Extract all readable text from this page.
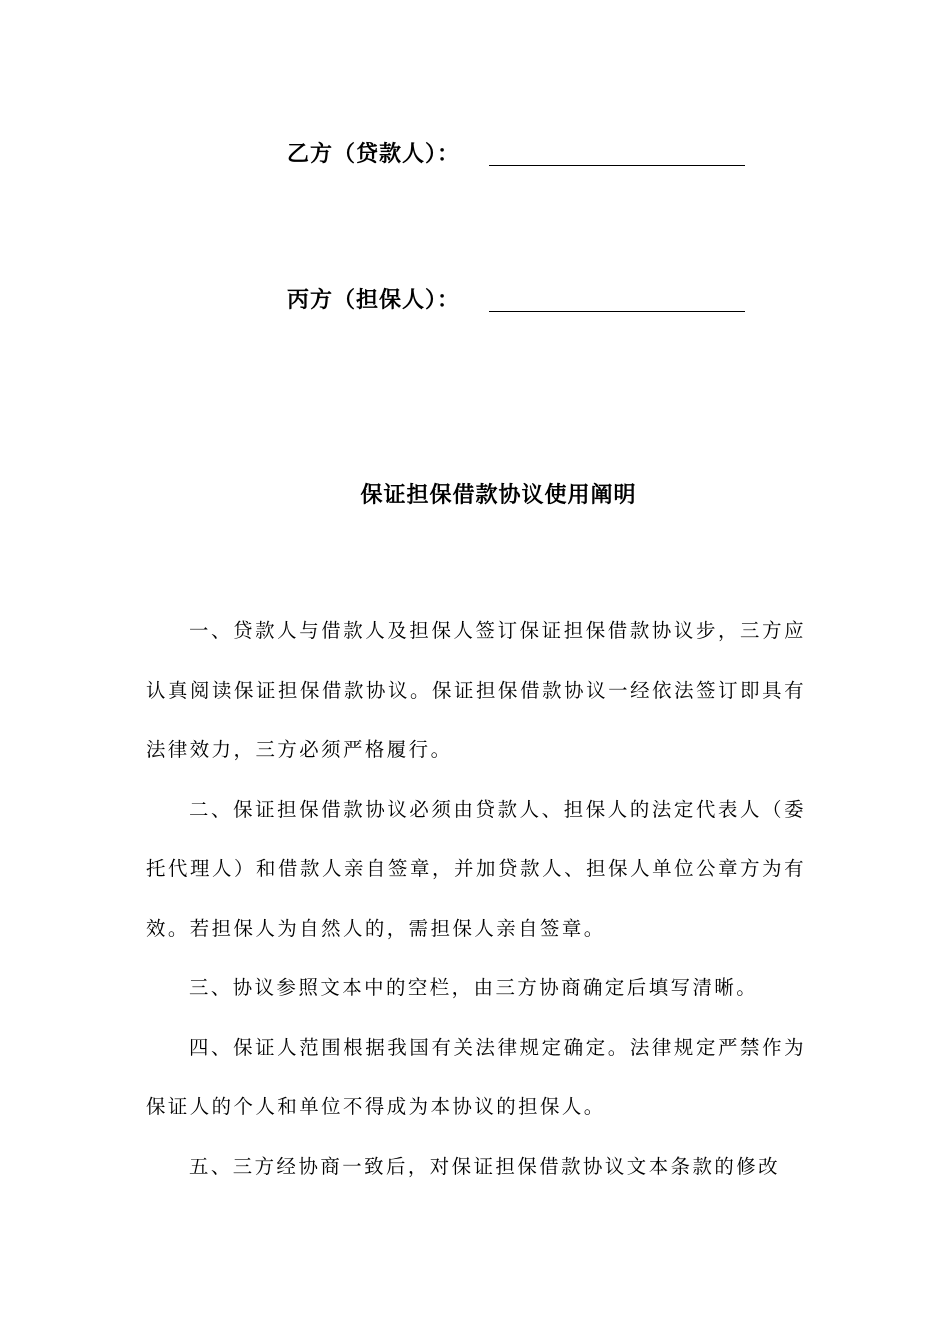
乙方（贷款人）：
丙方（担保人）：
保证担保借款协议使用阐明

一、贷款人与借款人及担保人签订保证担保借款协议步，三方应认真阅读保证担保借款协议。保证担保借款协议一经依法签订即具有法律效力，三方必须严格履行。

二、保证担保借款协议必须由贷款人、担保人的法定代表人（委托代理人）和借款人亲自签章，并加贷款人、担保人单位公章方为有效。若担保人为自然人的，需担保人亲自签章。

三、协议参照文本中的空栏，由三方协商确定后填写清晰。

四、保证人范围根据我国有关法律规定确定。法律规定严禁作为保证人的个人和单位不得成为本协议的担保人。

五、三方经协商一致后，对保证担保借款协议文本条款的修改
